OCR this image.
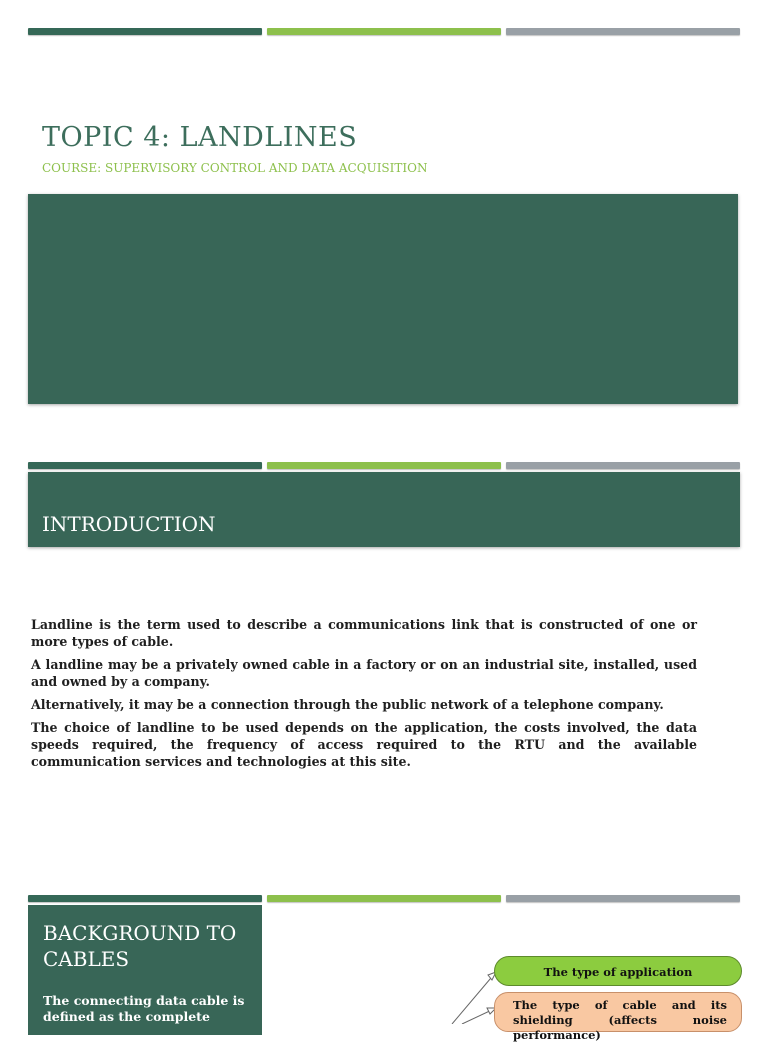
TOPIC 4: LANDLINES
COURSE: SUPERVISORY CONTROL AND DATA ACQUISITION
INTRODUCTION

Landline is the term used to describe a communications link that is constructed of one or more types of cable.

A landline may be a privately owned cable in a factory or on an industrial site, installed, used and owned by a company.

Alternatively, it may be a connection through the public network of a telephone company.

The choice of landline to be used depends on the application, the costs involved, the data speeds required, the frequency of access required to the RTU and the available communication services and technologies at this site.

BACKGROUND TO CABLES

The connecting data cable is defined as the complete

The type of application
The type of cable and its shielding (affects noise performance)
